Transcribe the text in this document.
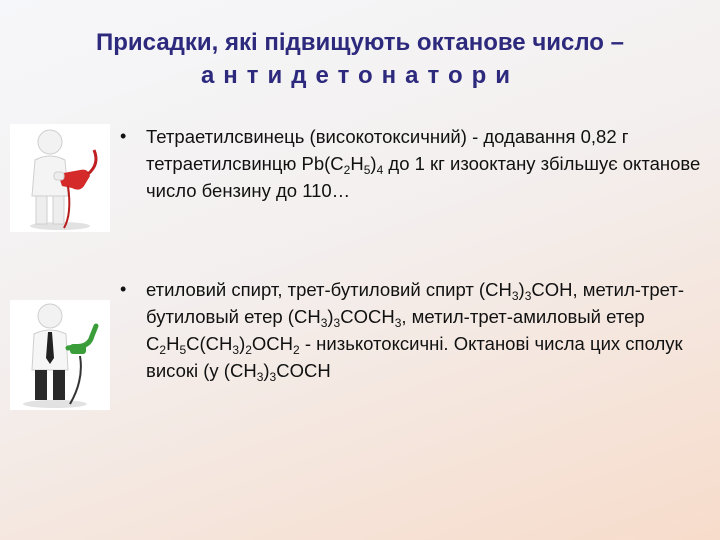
Присадки, які підвищують октанове число –
антидетонатори
• Тетраетилсвинець (високотоксичний) - додавання 0,82 г тетраетилсвинцю $Pb(C_2H_5)_4$ до 1 кг изооктану збільшує октанове число бензину до 110…
• етиловий спирт, трет-бутиловий спирт $(CH_3)_3COH$, метил-трет- бутиловый етер $(CH_3)_3COCH_3$, метил-трет-амиловый етер $C_2H_5C(CH_3)_2OCH_2$ - низькотоксичні. Октанові числа цих сполук високі (у $(CH_3)_3COCH$
